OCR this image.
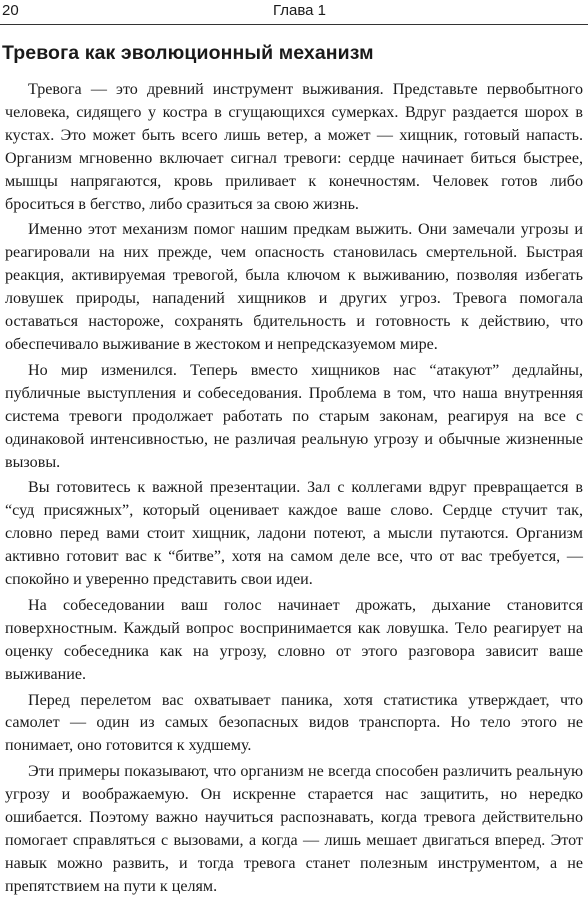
20	Глава 1
Тревога как эволюционный механизм

Тревога — это древний инструмент выживания. Представьте первобытного человека, сидящего у костра в сгущающихся сумерках. Вдруг раздается шорох в кустах. Это может быть всего лишь ветер, а может — хищник, готовый напасть. Организм мгновенно включает сигнал тревоги: сердце начинает биться быстрее, мышцы напрягаются, кровь приливает к конечностям. Человек готов либо броситься в бегство, либо сразиться за свою жизнь.

Именно этот механизм помог нашим предкам выжить. Они замечали угрозы и реагировали на них прежде, чем опасность становилась смертельной. Быстрая реакция, активируемая тревогой, была ключом к выживанию, позволяя избегать ловушек природы, нападений хищников и других угроз. Тревога помогала оставаться настороже, сохранять бдительность и готовность к действию, что обеспечивало выживание в жестоком и непредсказуемом мире.

Но мир изменился. Теперь вместо хищников нас “атакуют” дедлайны, публичные выступления и собеседования. Проблема в том, что наша внутренняя система тревоги продолжает работать по старым законам, реагируя на все с одинаковой интенсивностью, не различая реальную угрозу и обычные жизненные вызовы.

Вы готовитесь к важной презентации. Зал с коллегами вдруг превращается в “суд присяжных”, который оценивает каждое ваше слово. Сердце стучит так, словно перед вами стоит хищник, ладони потеют, а мысли путаются. Организм активно готовит вас к “битве”, хотя на самом деле все, что от вас требуется, — спокойно и уверенно представить свои идеи.

На собеседовании ваш голос начинает дрожать, дыхание становится поверхностным. Каждый вопрос воспринимается как ловушка. Тело реагирует на оценку собеседника как на угрозу, словно от этого разговора зависит ваше выживание.

Перед перелетом вас охватывает паника, хотя статистика утверждает, что самолет — один из самых безопасных видов транспорта. Но тело этого не понимает, оно готовится к худшему.

Эти примеры показывают, что организм не всегда способен различить реальную угрозу и воображаемую. Он искренне старается нас защитить, но нередко ошибается. Поэтому важно научиться распознавать, когда тревога действительно помогает справляться с вызовами, а когда — лишь мешает двигаться вперед. Этот навык можно развить, и тогда тревога станет полезным инструментом, а не препятствием на пути к целям.
